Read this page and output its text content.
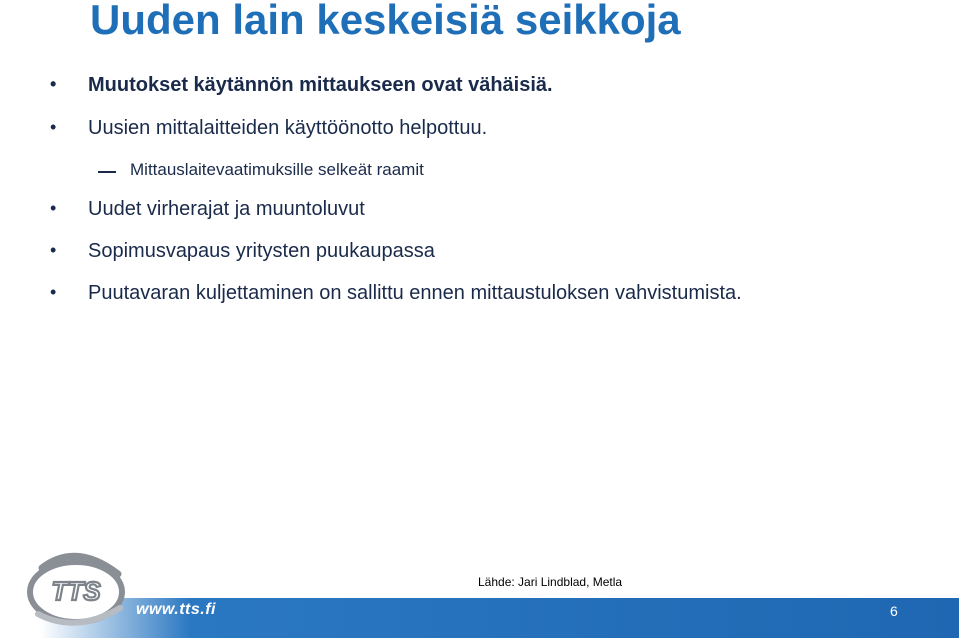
Uuden lain keskeisiä seikkoja
• Muutokset käytännön mittaukseen ovat vähäisiä.
• Uusien mittalaitteiden käyttöönotto helpottuu.
Mittauslaitevaatimuksille selkeät raamit
• Uudet virherajat ja muuntoluvut
• Sopimusvapaus yritysten puukaupassa
• Puutavaran kuljettaminen on sallittu ennen mittaustuloksen vahvistumista.
TTS
www.tts.fi
Lähde: Jari Lindblad, Metla
6
